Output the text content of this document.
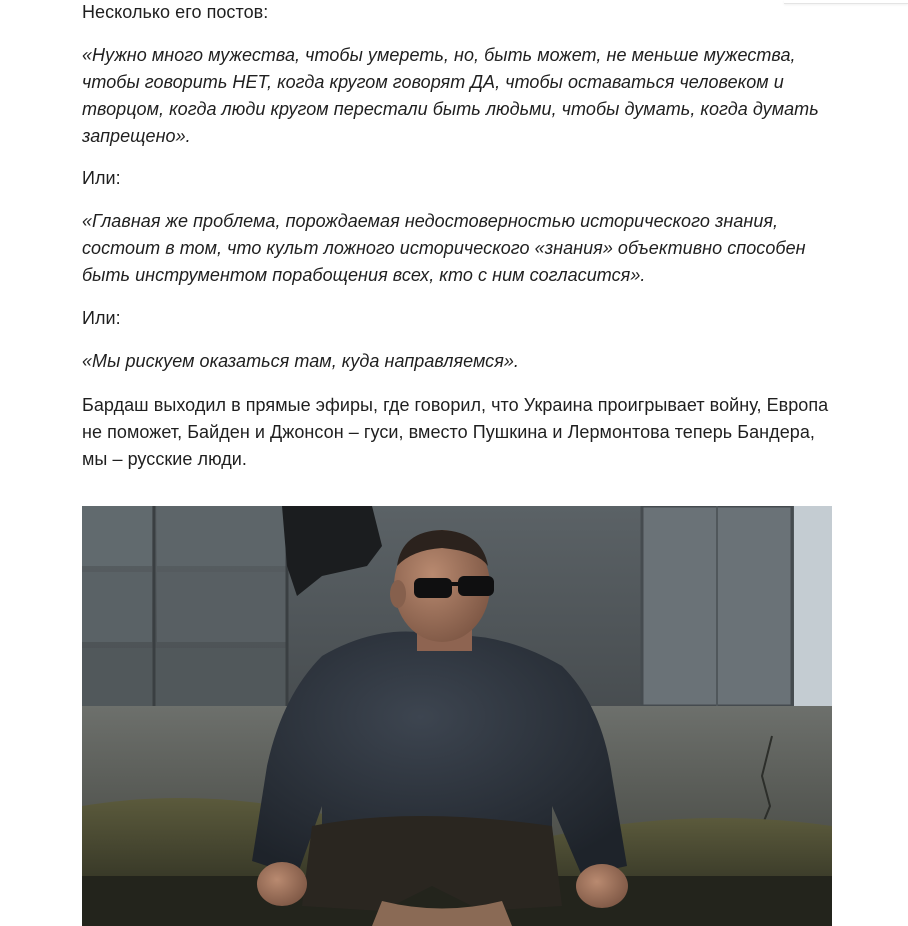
Несколько его постов:

«Нужно много мужества, чтобы умереть, но, быть может, не меньше мужества, чтобы говорить НЕТ, когда кругом говорят ДА, чтобы оставаться человеком и творцом, когда люди кругом перестали быть людьми, чтобы думать, когда думать запрещено».

Или:

«Главная же проблема, порождаемая недостоверностью исторического знания, состоит в том, что культ ложного исторического «знания» объективно способен быть инструментом порабощения всех, кто с ним согласится».

Или:

«Мы рискуем оказаться там, куда направляемся».

Бардаш выходил в прямые эфиры, где говорил, что Украина проигрывает войну, Европа не поможет, Байден и Джонсон – гуси, вместо Пушкина и Лермонтова теперь Бандера, мы – русские люди.
